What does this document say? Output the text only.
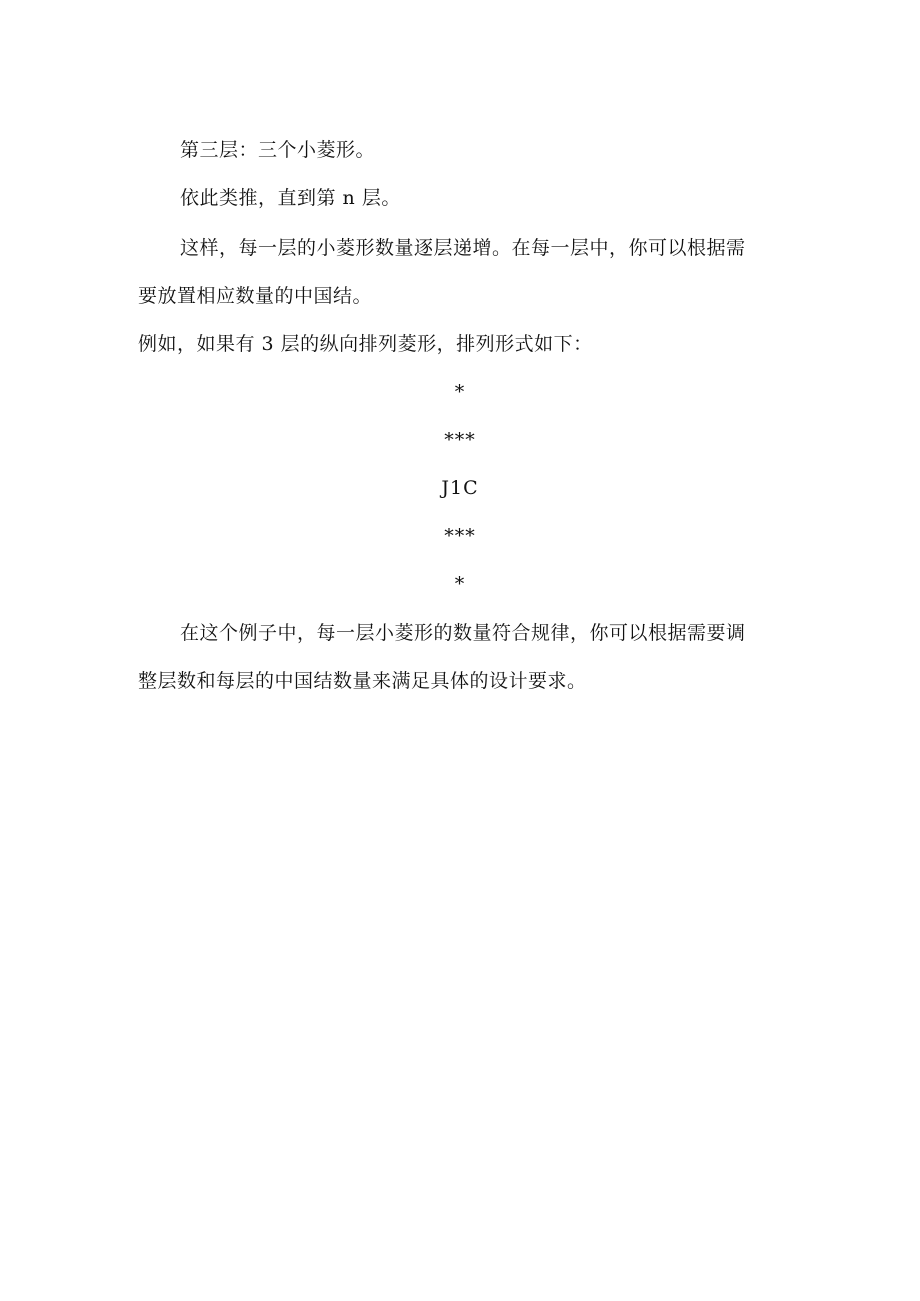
第三层：三个小菱形。
依此类推，直到第 n 层。
这样，每一层的小菱形数量逐层递增。在每一层中，你可以根据需
要放置相应数量的中国结。
例如，如果有 3 层的纵向排列菱形，排列形式如下：
*
***
J1C
***
*
在这个例子中，每一层小菱形的数量符合规律，你可以根据需要调
整层数和每层的中国结数量来满足具体的设计要求。
